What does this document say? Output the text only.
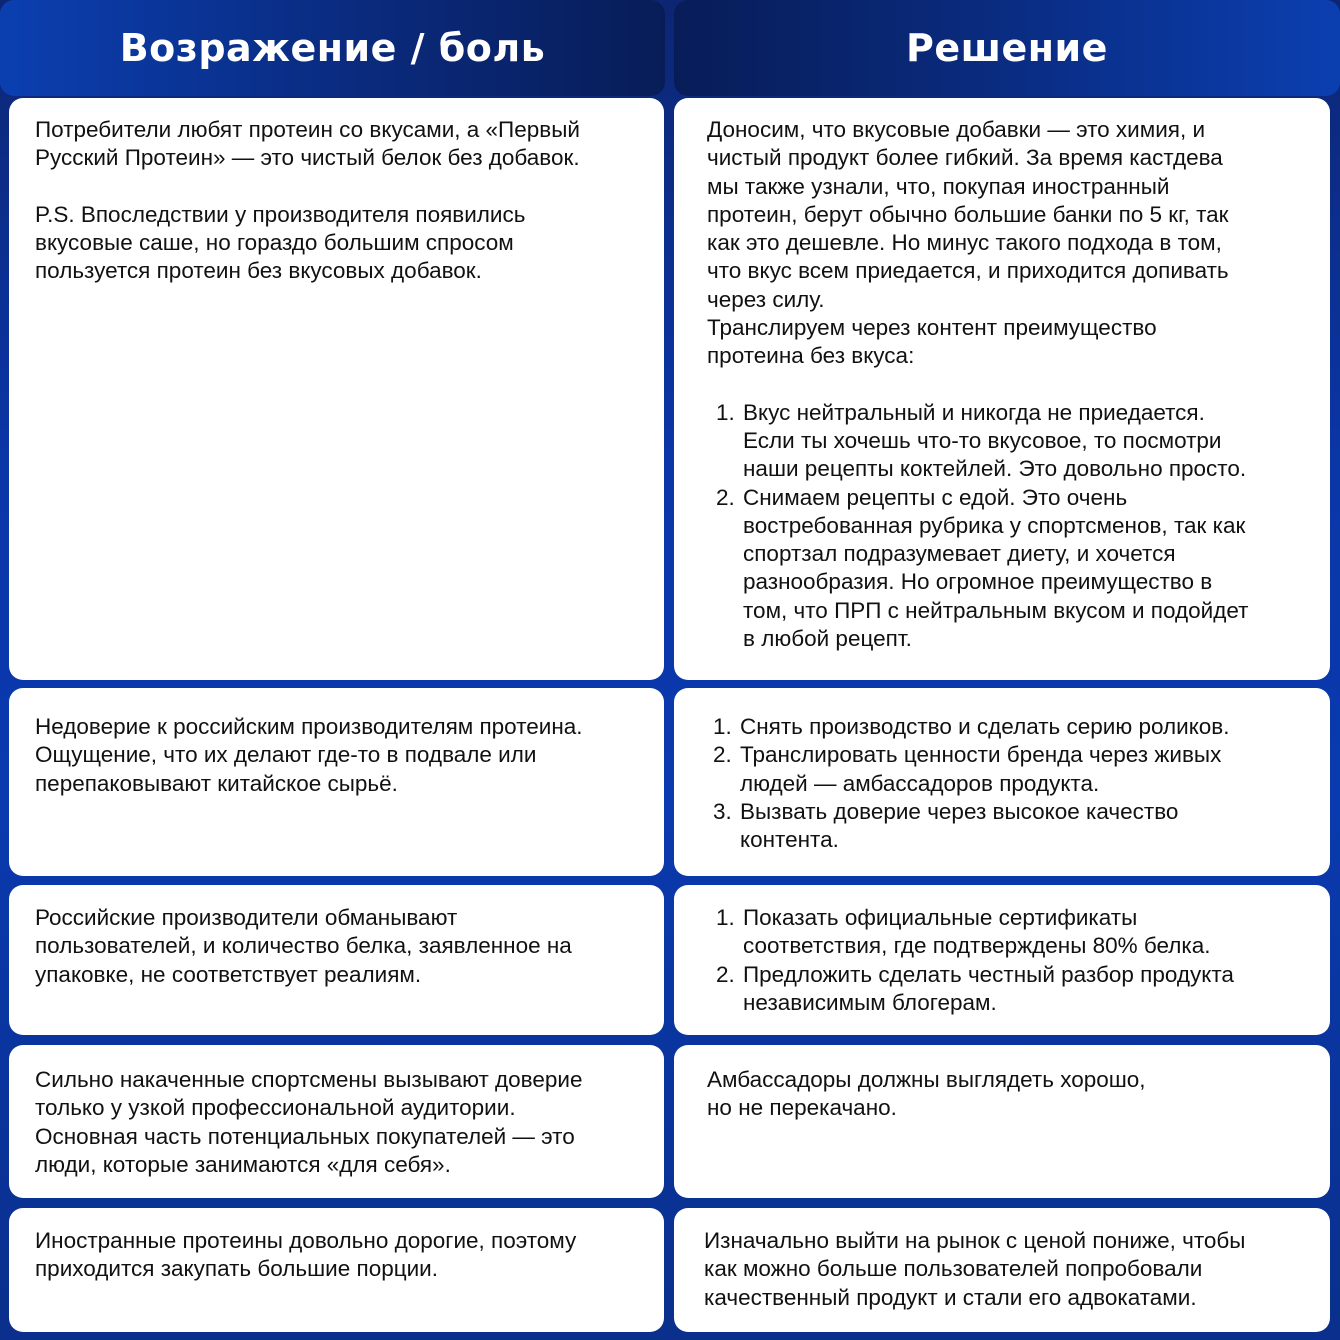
Возражение / боль	Решение

Потребители любят протеин со вкусами, а «Первый
Русский Протеин» — это чистый белок без добавок.

P.S. Впоследствии у производителя появились
вкусовые саше, но гораздо большим спросом
пользуется протеин без вкусовых добавок.

Доносим, что вкусовые добавки — это химия, и
чистый продукт более гибкий. За время кастдева
мы также узнали, что, покупая иностранный
протеин, берут обычно большие банки по 5 кг, так
как это дешевле. Но минус такого подхода в том,
что вкус всем приедается, и приходится допивать
через силу.
Транслируем через контент преимущество
протеина без вкуса:

1. Вкус нейтральный и никогда не приедается.
Если ты хочешь что-то вкусовое, то посмотри
наши рецепты коктейлей. Это довольно просто.

2. Снимаем рецепты с едой. Это очень
востребованная рубрика у спортсменов, так как
спортзал подразумевает диету, и хочется
разнообразия. Но огромное преимущество в
том, что ПРП с нейтральным вкусом и подойдет
в любой рецепт.

Недоверие к российским производителям протеина.
Ощущение, что их делают где-то в подвале или
перепаковывают китайское сырьё.

1. Снять производство и сделать серию роликов.

2. Транслировать ценности бренда через живых
людей — амбассадоров продукта.

3. Вызвать доверие через высокое качество
контента.

Российские производители обманывают
пользователей, и количество белка, заявленное на
упаковке, не соответствует реалиям.

1. Показать официальные сертификаты
соответствия, где подтверждены 80% белка.

2. Предложить сделать честный разбор продукта
независимым блогерам.

Сильно накаченные спортсмены вызывают доверие
только у узкой профессиональной аудитории.
Основная часть потенциальных покупателей — это
люди, которые занимаются «для себя».

Амбассадоры должны выглядеть хорошо,
но не перекачано.

Иностранные протеины довольно дорогие, поэтому
приходится закупать большие порции.

Изначально выйти на рынок с ценой пониже, чтобы
как можно больше пользователей попробовали
качественный продукт и стали его адвокатами.
